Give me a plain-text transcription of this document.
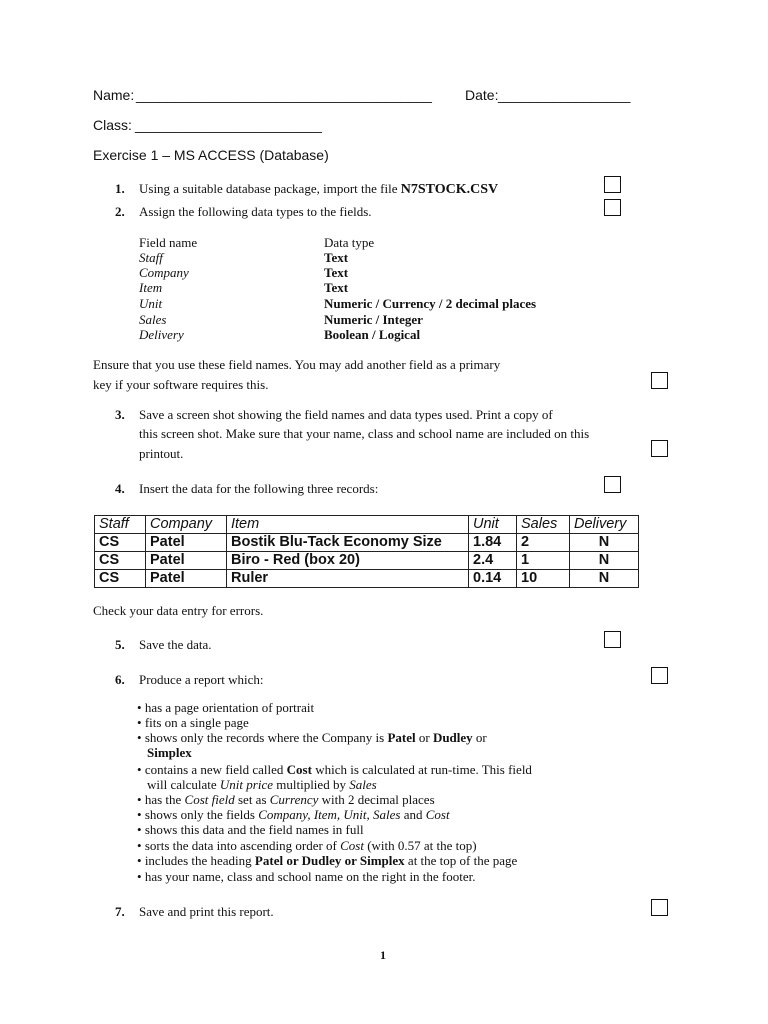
Name: ______________________________________ Date: _________________
Class: ________________________
Exercise 1 – MS ACCESS (Database)
1. Using a suitable database package, import the file N7STOCK.CSV
2. Assign the following data types to the fields.
Field name	Data type
Staff	Text
Company	Text
Item	Text
Unit	Numeric / Currency / 2 decimal places
Sales	Numeric / Integer
Delivery	Boolean / Logical
Ensure that you use these field names. You may add another field as a primary
key if your software requires this.
3. Save a screen shot showing the field names and data types used. Print a copy of
this screen shot. Make sure that your name, class and school name are included on this
printout.
4. Insert the data for the following three records:
Staff	Company	Item	Unit	Sales	Delivery
CS	Patel	Bostik Blu-Tack Economy Size	1.84	2	N
CS	Patel	Biro - Red (box 20)	2.4	1	N
CS	Patel	Ruler	0.14	10	N
Check your data entry for errors.
5. Save the data.
6. Produce a report which:
• has a page orientation of portrait
• fits on a single page
• shows only the records where the Company is Patel or Dudley or
Simplex
• contains a new field called Cost which is calculated at run-time. This field
will calculate Unit price multiplied by Sales
• has the Cost field set as Currency with 2 decimal places
• shows only the fields Company, Item, Unit, Sales and Cost
• shows this data and the field names in full
• sorts the data into ascending order of Cost (with 0.57 at the top)
• includes the heading Patel or Dudley or Simplex at the top of the page
• has your name, class and school name on the right in the footer.
7. Save and print this report.
1
